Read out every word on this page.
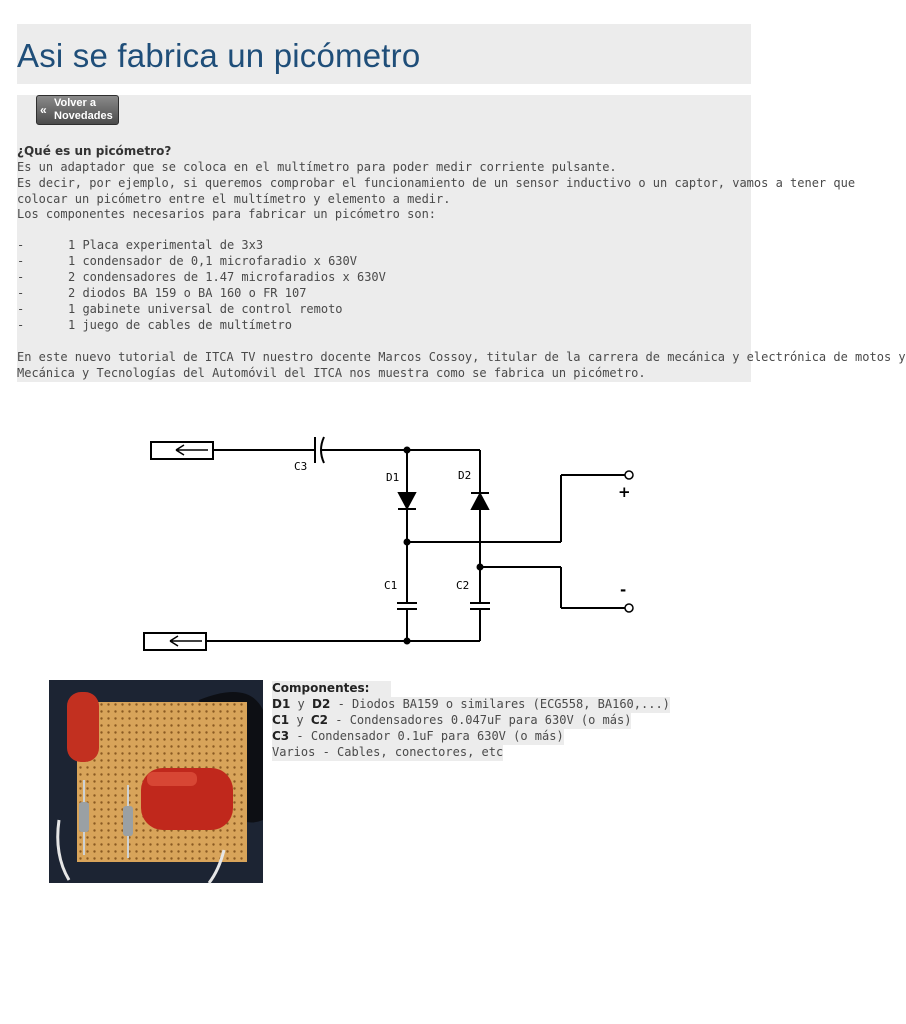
Asi se fabrica un picómetro
« Volver a
Novedades
¿Qué es un picómetro?
Es un adaptador que se coloca en el multímetro para poder medir corriente pulsante.
Es decir, por ejemplo, si queremos comprobar el funcionamiento de un sensor inductivo o un captor, vamos a tener que
colocar un picómetro entre el multímetro y elemento a medir.
Los componentes necesarios para fabricar un picómetro son:
-	1 Placa experimental de 3x3
-	1 condensador de 0,1 microfaradio x 630V
-	2 condensadores de 1.47 microfaradios x 630V
-	2 diodos BA 159 o BA 160 o FR 107
-	1 gabinete universal de control remoto
-	1 juego de cables de multímetro
En este nuevo tutorial de ITCA TV nuestro docente Marcos Cossoy, titular de la carrera de mecánica y electrónica de motos y
Mecánica y Tecnologías del Automóvil del ITCA nos muestra como se fabrica un picómetro.
C3
D1	D2
C1	C2
+
-
Componentes:
D1 y D2 - Diodos BA159 o similares (ECG558, BA160,...)
C1 y C2 - Condensadores 0.047uF para 630V (o más)
C3 - Condensador 0.1uF para 630V (o más)
Varios - Cables, conectores, etc
